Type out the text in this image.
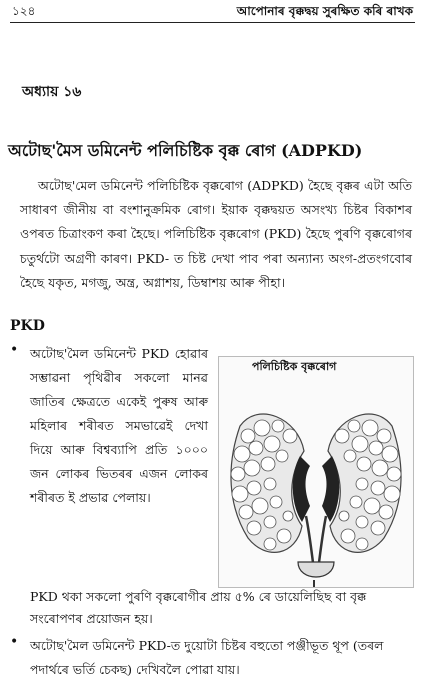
১২৪	আপোনাৰ বৃক্কদ্বয় সুৰক্ষিত কৰি ৰাখক
অধ্যায় ১৬
অটোছ'মৈস ডমিনেন্ট পলিচিষ্টিক বৃক্ক ৰোগ (ADPKD)

অটোছ'মেল ডমিনেন্ট পলিচিষ্টিক বৃক্কৰোগ (ADPKD) হৈছে বৃক্কৰ এটা অতি সাধাৰণ জীনীয় বা বংশানুক্রমিক ৰোগ। ইয়াক বৃক্কদ্বয়ত অসংখ্য চিষ্টৰ বিকাশৰ ওপৰত চিত্ৰাংকণ কৰা হৈছে। পলিচিষ্টিক বৃক্কৰোগ (PKD) হৈছে পুৰণি বৃক্কৰোগৰ চতুৰ্থটো অগ্ৰণী কাৰণ। PKD- ত চিষ্ট দেখা পাব পৰা অন্যান্য অংগ-প্ৰতংগবোৰ হৈছে যকৃত, মগজু, অন্ত্ৰ, অগ্নাশয়, ডিম্বাশয় আৰু পীহা।

PKD
• অটোছ'মৈল ডমিনেন্ট PKD হোৱাৰ সম্ভাৱনা পৃথিৱীৰ সকলো মানৱ জাতিৰ ক্ষেত্ৰতে একেই পুৰুষ আৰু মহিলাৰ শৰীৰত সমভাৱেই দেখা দিয়ে আৰু বিশ্বব্যাপি প্ৰতি ১০০০ জন লোকৰ ভিতৰৰ এজন লোকৰ শৰীৰত ই প্ৰভাৱ পেলায়।

পলিচিষ্টিক বৃক্কৰোগ

PKD থকা সকলো পুৰণি বৃক্কৰোগীৰ প্ৰায় ৫% ৰে ডায়েলিছিছ বা বৃক্ক সংৰোপণৰ প্ৰয়োজন হয়।

• অটোছ'মৈল ডমিনেন্ট PKD-ত দুয়োটা চিষ্টৰ বহুতো পঞ্জীভূত থূপ (তৰল পদাৰ্থৰে ভৰ্তি চেকছ) দেখিবলৈ পোৱা যায়।
